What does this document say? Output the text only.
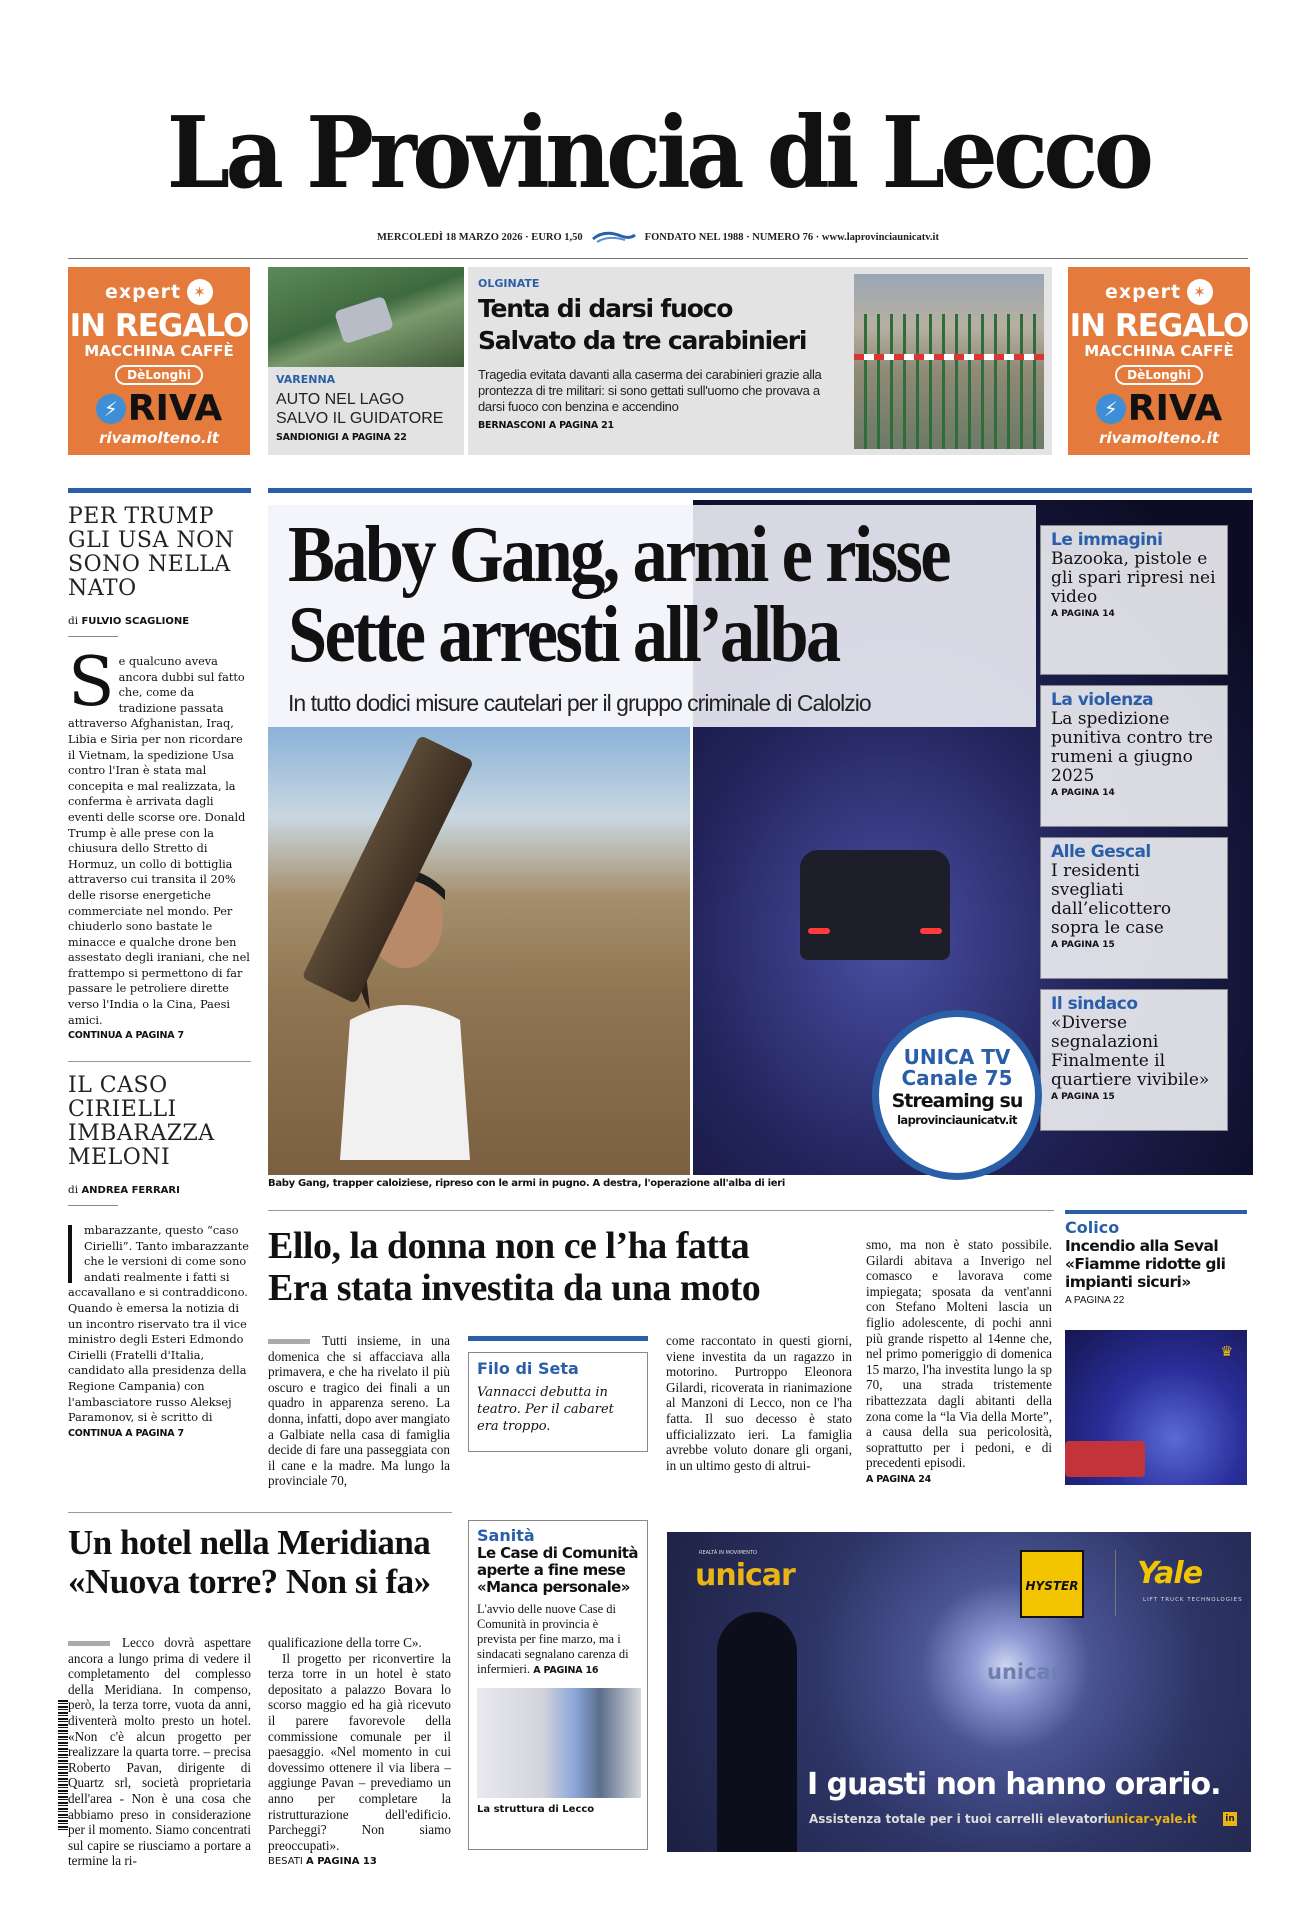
La Provincia di Lecco
MERCOLEDÌ 18 MARZO 2026 · EURO 1,50	FONDATO NEL 1988 · NUMERO 76 · www.laprovinciaunicatv.it
expert ✶
IN REGALO
MACCHINA CAFFÈ
DèLonghi
⚡ RIVA
rivamolteno.it
VARENNA
AUTO NEL LAGO
SALVO IL GUIDATORE
SANDIONIGI A PAGINA 22
OLGINATE
Tenta di darsi fuoco
Salvato da tre carabinieri
Tragedia evitata davanti alla caserma dei carabinieri grazie alla prontezza di tre militari: si sono gettati sull'uomo che provava a darsi fuoco con benzina e accendino
BERNASCONI A PAGINA 21
expert ✶
IN REGALO
MACCHINA CAFFÈ
DèLonghi
⚡ RIVA
rivamolteno.it
PER TRUMP GLI USA NON SONO NELLA NATO
di FULVIO SCAGLIONE
Se qualcuno aveva ancora dubbi sul fatto che, come da tradizione passata attraverso Afghanistan, Iraq, Libia e Siria per non ricordare il Vietnam, la spedizione Usa contro l'Iran è stata mal concepita e mal realizzata, la conferma è arrivata dagli eventi delle scorse ore. Donald Trump è alle prese con la chiusura dello Stretto di Hormuz, un collo di bottiglia attraverso cui transita il 20% delle risorse energetiche commerciate nel mondo. Per chiuderlo sono bastate le minacce e qualche drone ben assestato degli iraniani, che nel frattempo si permettono di far passare le petroliere dirette verso l'India o la Cina, Paesi amici.
CONTINUA A PAGINA 7
IL CASO CIRIELLI IMBARAZZA MELONI
di ANDREA FERRARI
mbarazzante, questo “caso Cirielli”. Tanto imbarazzante che le versioni di come sono andati realmente i fatti si accavallano e si contraddicono. Quando è emersa la notizia di un incontro riservato tra il vice ministro degli Esteri Edmondo Cirielli (Fratelli d'Italia, candidato alla presidenza della Regione Campania) con l'ambasciatore russo Aleksej Paramonov, si è scritto di
CONTINUA A PAGINA 7
Baby Gang, armi e risse
Sette arresti all’alba
In tutto dodici misure cautelari per il gruppo criminale di Calolzio
Le immagini
Bazooka, pistole e gli spari ripresi nei video
A PAGINA 14
La violenza
La spedizione punitiva contro tre rumeni a giugno 2025
A PAGINA 14
Alle Gescal
I residenti svegliati dall’elicottero sopra le case
A PAGINA 15
Il sindaco
«Diverse segnalazioni Finalmente il quartiere vivibile»
A PAGINA 15
UNICA TV
Canale 75
Streaming su
laprovinciaunicatv.it
Baby Gang, trapper caloiziese, ripreso con le armi in pugno. A destra, l'operazione all'alba di ieri
Ello, la donna non ce l’ha fatta
Era stata investita da una moto
Tutti insieme, in una domenica che si affacciava alla primavera, e che ha rivelato il più oscuro e tragico dei finali a un quadro in apparenza sereno. La donna, infatti, dopo aver mangiato a Galbiate nella casa di famiglia decide di fare una passeggiata con il cane e la madre. Ma lungo la provinciale 70,
Filo di Seta
Vannacci debutta in teatro. Per il cabaret era troppo.
come raccontato in questi giorni, viene investita da un ragazzo in motorino. Purtroppo Eleonora Gilardi, ricoverata in rianimazione al Manzoni di Lecco, non ce l'ha fatta. Il suo decesso è stato ufficializzato ieri. La famiglia avrebbe voluto donare gli organi, in un ultimo gesto di altrui-
smo, ma non è stato possibile. Gilardi abitava a Inverigo nel comasco e lavorava come impiegata; sposata da vent'anni con Stefano Molteni lascia un figlio adolescente, di pochi anni più grande rispetto al 14enne che, nel primo pomeriggio di domenica 15 marzo, l'ha investita lungo la sp 70, una strada tristemente ribattezzata dagli abitanti della zona come la “la Via della Morte”, a causa della sua pericolosità, soprattutto per i pedoni, e di precedenti episodi.
A PAGINA 24
Colico
Incendio alla Seval «Fiamme ridotte gli impianti sicuri»
A PAGINA 22
♛
Un hotel nella Meridiana
«Nuova torre? Non si fa»
Lecco dovrà aspettare ancora a lungo prima di vedere il completamento del complesso della Meridiana. In compenso, però, la terza torre, vuota da anni, diventerà molto presto un hotel. «Non c'è alcun progetto per realizzare la quarta torre. – precisa Roberto Pavan, dirigente di Quartz srl, società proprietaria dell'area - Non è una cosa che abbiamo preso in considerazione per il momento. Siamo concentrati sul capire se riusciamo a portare a termine la ri-
qualificazione della torre C».
Il progetto per riconvertire la terza torre in un hotel è stato depositato a palazzo Bovara lo scorso maggio ed ha già ricevuto il parere favorevole della commissione comunale per il paesaggio. «Nel momento in cui dovessimo ottenere il via libera – aggiunge Pavan – prevediamo un anno per completare la ristrutturazione dell'edificio. Parcheggi? Non siamo preoccupati».
BESATI A PAGINA 13
Sanità
Le Case di Comunità aperte a fine mese «Manca personale»
L'avvio delle nuove Case di Comunità in provincia è prevista per fine marzo, ma i sindacati segnalano carenza di infermieri. A PAGINA 16
La struttura di Lecco
REALTÀ IN MOVIMENTO
unicar	HYSTER Yale
LIFT TRUCK TECHNOLOGIES
unicar
I guasti non hanno orario.
Assistenza totale per i tuoi carrelli elevatori.
unicar-yale.it	in
